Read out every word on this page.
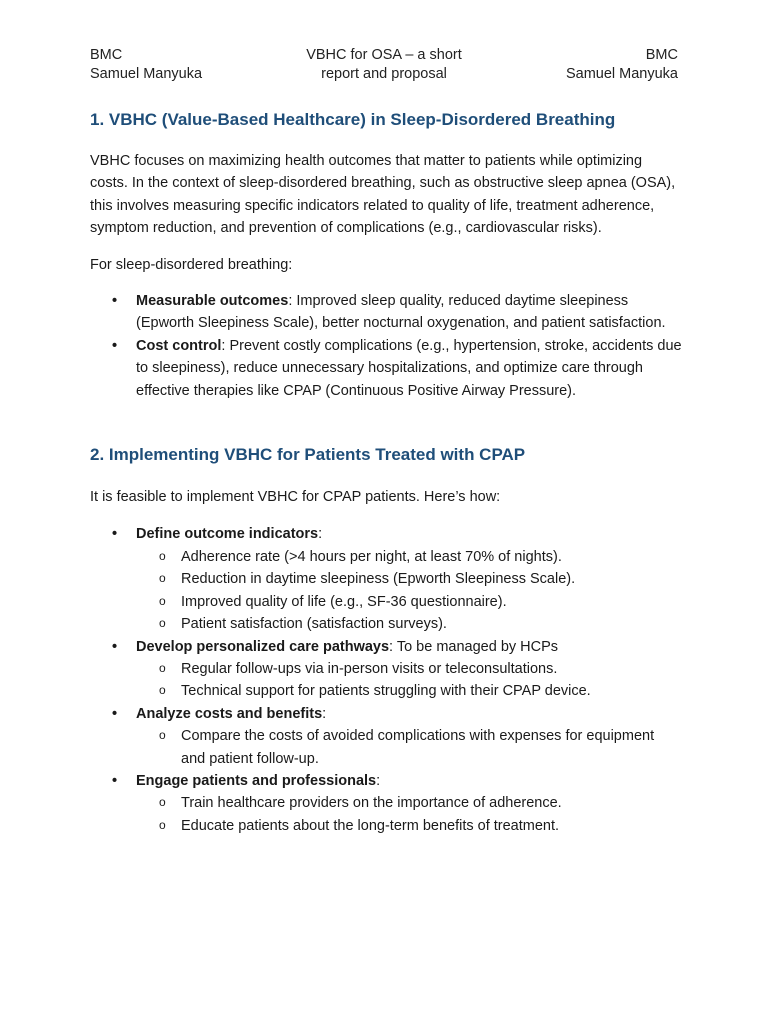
BMC
Samuel Manyuka
VBHC for OSA – a short
report and proposal
BMC
Samuel Manyuka
1. VBHC (Value-Based Healthcare) in Sleep-Disordered Breathing

VBHC focuses on maximizing health outcomes that matter to patients while optimizing costs. In the context of sleep-disordered breathing, such as obstructive sleep apnea (OSA), this involves measuring specific indicators related to quality of life, treatment adherence, symptom reduction, and prevention of complications (e.g., cardiovascular risks).

For sleep-disordered breathing:

• Measurable outcomes: Improved sleep quality, reduced daytime sleepiness (Epworth Sleepiness Scale), better nocturnal oxygenation, and patient satisfaction.
• Cost control: Prevent costly complications (e.g., hypertension, stroke, accidents due to sleepiness), reduce unnecessary hospitalizations, and optimize care through effective therapies like CPAP (Continuous Positive Airway Pressure).
2. Implementing VBHC for Patients Treated with CPAP

It is feasible to implement VBHC for CPAP patients. Here’s how:

• Define outcome indicators:
o Adherence rate (>4 hours per night, at least 70% of nights).
o Reduction in daytime sleepiness (Epworth Sleepiness Scale).
o Improved quality of life (e.g., SF-36 questionnaire).
o Patient satisfaction (satisfaction surveys).
• Develop personalized care pathways: To be managed by HCPs
o Regular follow-ups via in-person visits or teleconsultations.
o Technical support for patients struggling with their CPAP device.
• Analyze costs and benefits:
o Compare the costs of avoided complications with expenses for equipment and patient follow-up.
• Engage patients and professionals:
o Train healthcare providers on the importance of adherence.
o Educate patients about the long-term benefits of treatment.
